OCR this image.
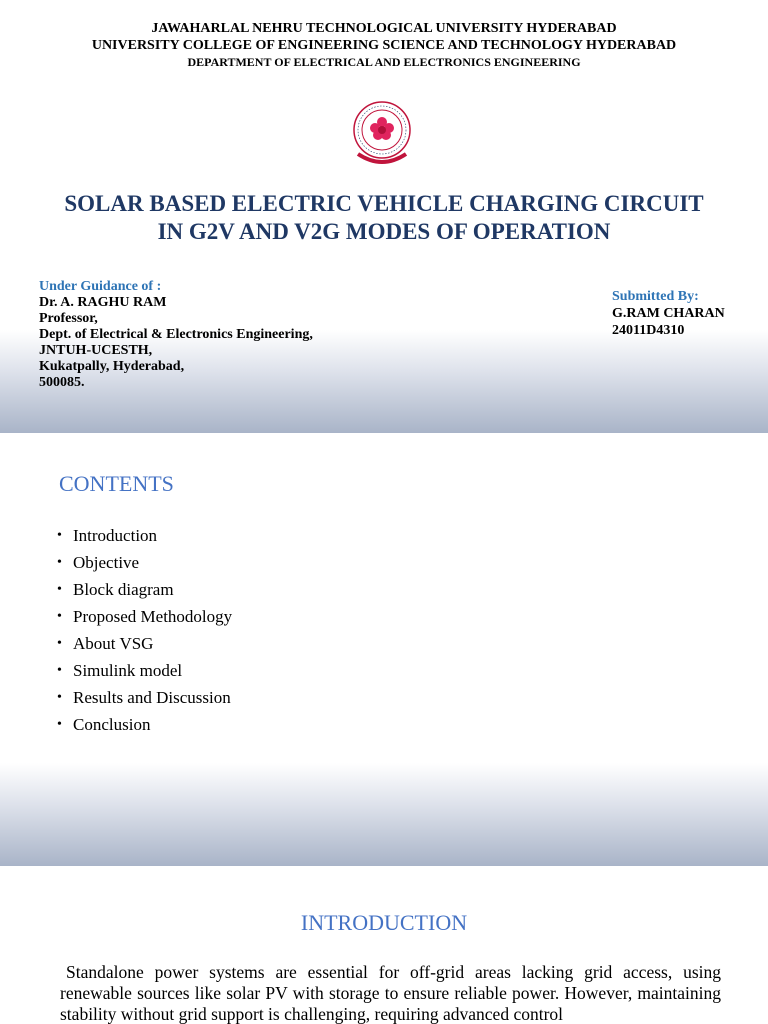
JAWAHARLAL NEHRU TECHNOLOGICAL UNIVERSITY HYDERABAD
UNIVERSITY COLLEGE OF ENGINEERING SCIENCE AND TECHNOLOGY HYDERABAD
DEPARTMENT OF ELECTRICAL AND ELECTRONICS ENGINEERING
SOLAR BASED ELECTRIC VEHICLE CHARGING CIRCUIT
IN G2V AND V2G MODES OF OPERATION
Under Guidance of :
Dr. A. RAGHU RAM
Professor,
Dept. of Electrical & Electronics Engineering,
JNTUH-UCESTH,
Kukatpally, Hyderabad,
500085.
Submitted By:
G.RAM CHARAN
24011D4310
CONTENTS
• Introduction
• Objective
• Block diagram
• Proposed Methodology
• About VSG
• Simulink model
• Results and Discussion
• Conclusion
INTRODUCTION
Standalone power systems are essential for off-grid areas lacking grid access, using renewable sources like solar PV with storage to ensure reliable power. However, maintaining stability without grid support is challenging, requiring advanced control
